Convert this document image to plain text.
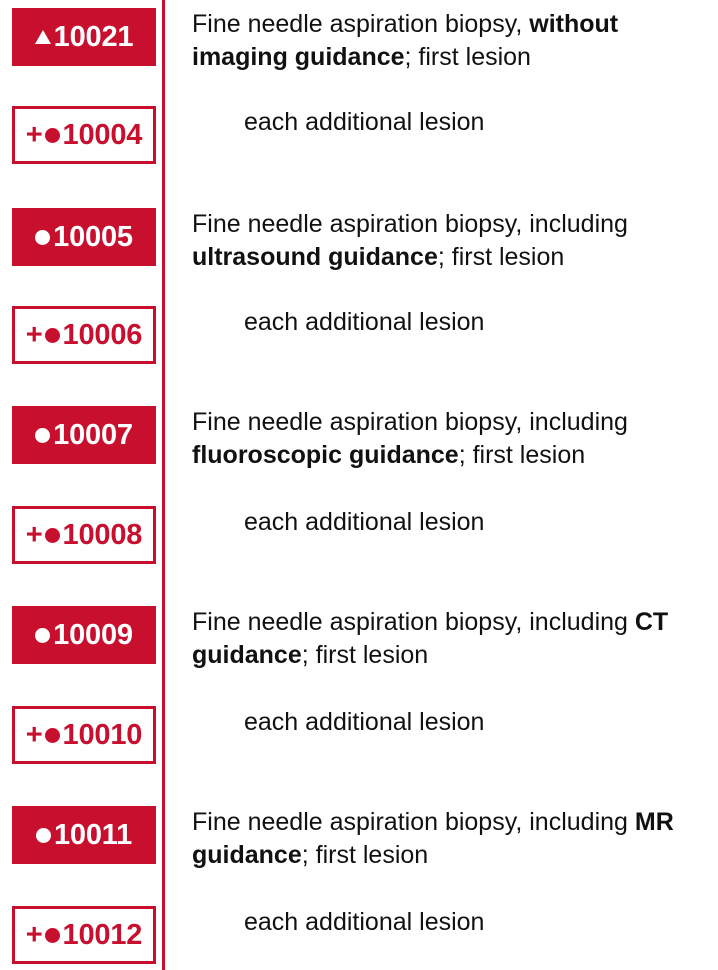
10021	Fine needle aspiration biopsy, without imaging guidance; first lesion
+ 10004	each additional lesion
10005	Fine needle aspiration biopsy, including ultrasound guidance; first lesion
+ 10006	each additional lesion
10007	Fine needle aspiration biopsy, including fluoroscopic guidance; first lesion
+ 10008	each additional lesion
10009	Fine needle aspiration biopsy, including CT guidance; first lesion
+ 10010	each additional lesion
10011	Fine needle aspiration biopsy, including MR guidance; first lesion
+ 10012	each additional lesion
